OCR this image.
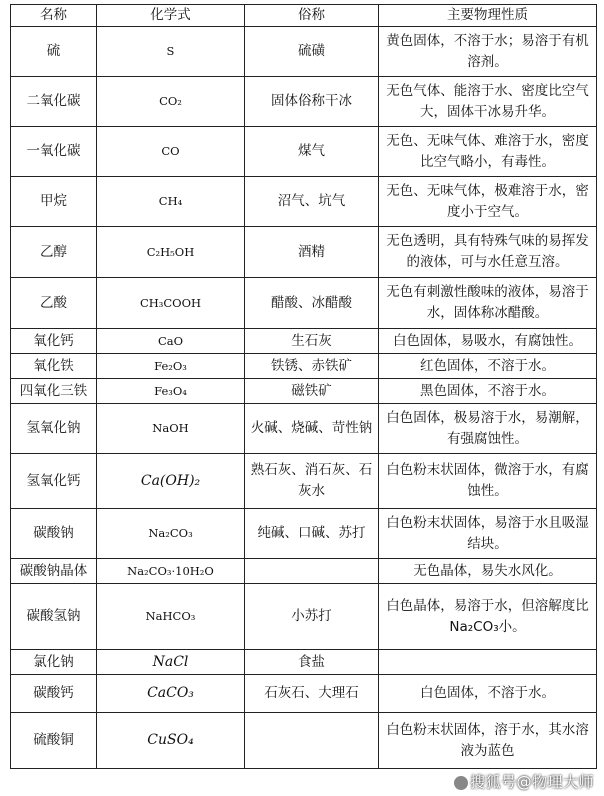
名称	化学式	俗称	主要物理性质
硫	S	硫磺	黄色固体，不溶于水；易溶于有机溶剂。
二氧化碳	CO₂	固体俗称干冰	无色气体、能溶于水、密度比空气大，固体干冰易升华。
一氧化碳	CO	煤气	无色、无味气体、难溶于水，密度比空气略小，有毒性。
甲烷	CH₄	沼气、坑气	无色、无味气体，极难溶于水，密度小于空气。
乙醇	C₂H₅OH	酒精	无色透明，具有特殊气味的易挥发的液体，可与水任意互溶。
乙酸	CH₃COOH	醋酸、冰醋酸	无色有刺激性酸味的液体，易溶于水，固体称冰醋酸。
氧化钙	CaO	生石灰	白色固体，易吸水，有腐蚀性。
氧化铁	Fe₂O₃	铁锈、赤铁矿	红色固体，不溶于水。
四氧化三铁	Fe₃O₄	磁铁矿	黑色固体，不溶于水。
氢氧化钠	NaOH	火碱、烧碱、苛性钠	白色固体，极易溶于水，易潮解，有强腐蚀性。
氢氧化钙	Ca(OH)₂	熟石灰、消石灰、石灰水	白色粉末状固体，微溶于水，有腐蚀性。
碳酸钠	Na₂CO₃	纯碱、口碱、苏打	白色粉末状固体，易溶于水且吸湿结块。
碳酸钠晶体	Na₂CO₃·10H₂O		无色晶体，易失水风化。
碳酸氢钠	NaHCO₃	小苏打	白色晶体，易溶于水，但溶解度比Na₂CO₃小。
氯化钠	NaCl	食盐	
碳酸钙	CaCO₃	石灰石、大理石	白色固体，不溶于水。
硫酸铜	CuSO₄		白色粉末状固体，溶于水，其水溶液为蓝色
搜狐号@物理大师
